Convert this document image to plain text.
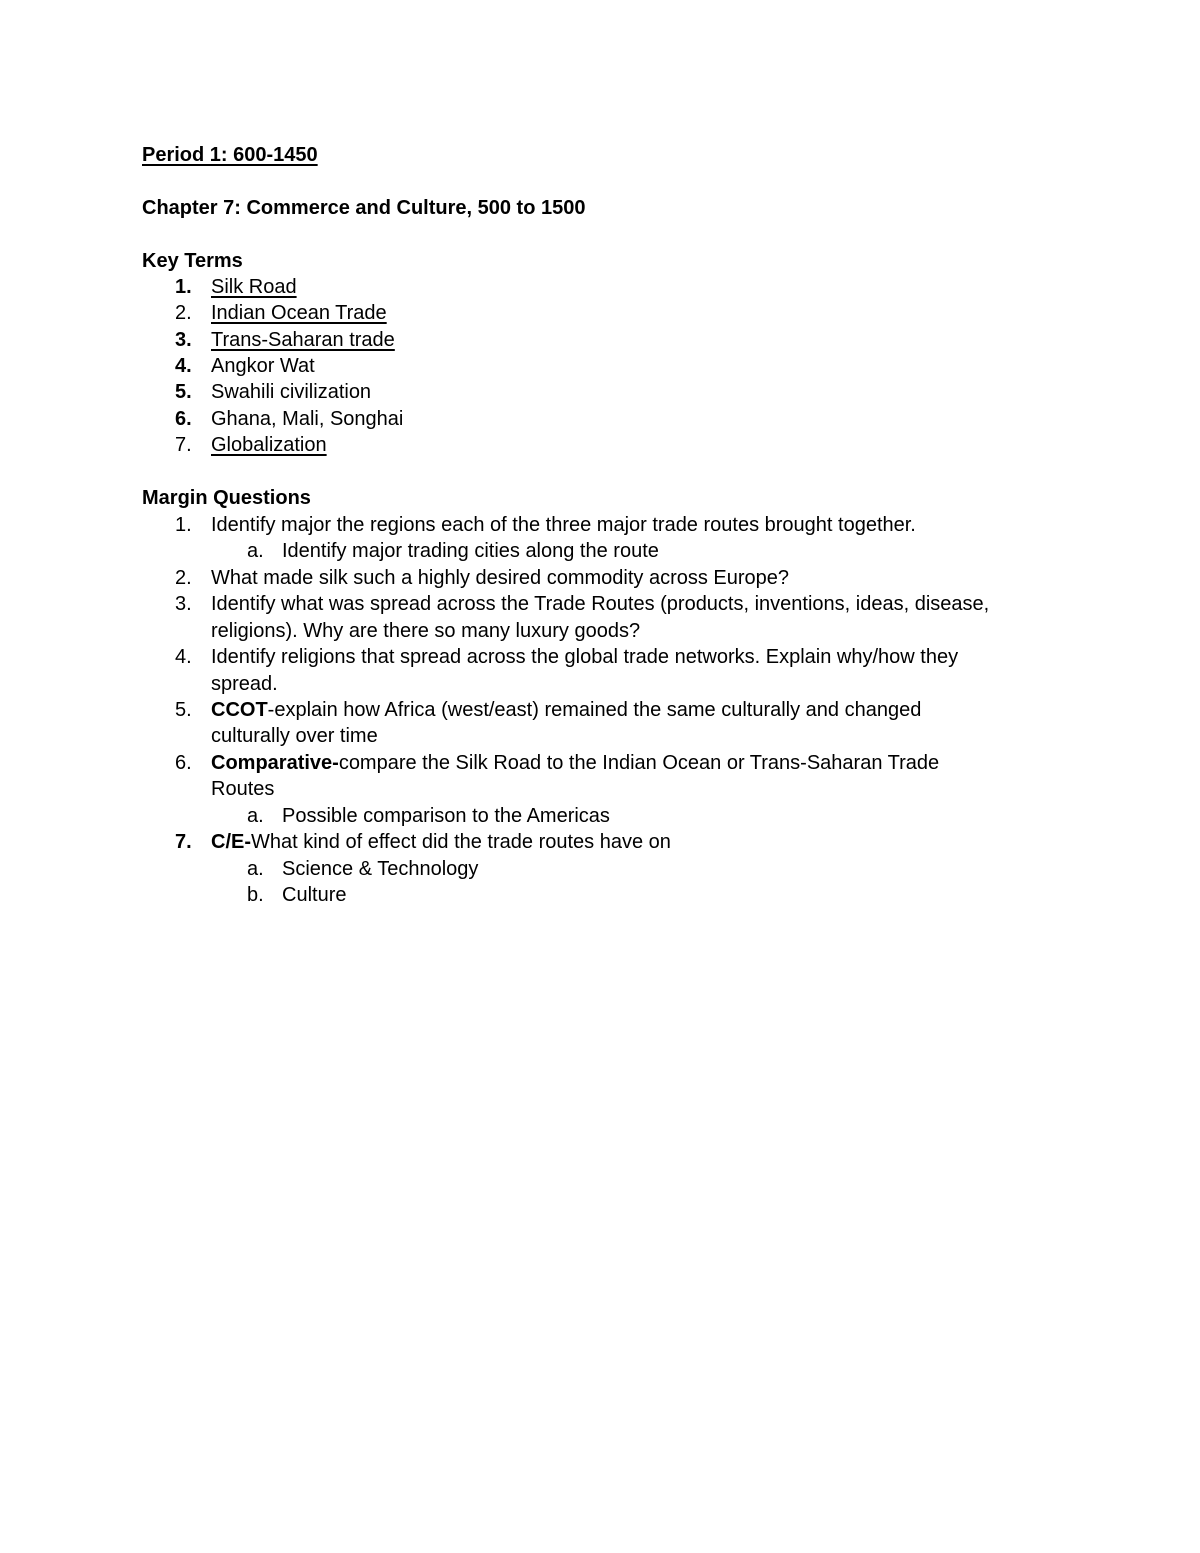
Period 1: 600-1450
Chapter 7: Commerce and Culture, 500 to 1500
Key Terms
1. Silk Road
2. Indian Ocean Trade
3. Trans-Saharan trade
4. Angkor Wat
5. Swahili civilization
6. Ghana, Mali, Songhai
7. Globalization
Margin Questions
1. Identify major the regions each of the three major trade routes brought together.
a. Identify major trading cities along the route
2. What made silk such a highly desired commodity across Europe?
3. Identify what was spread across the Trade Routes (products, inventions, ideas, disease,
religions). Why are there so many luxury goods?
4. Identify religions that spread across the global trade networks. Explain why/how they
spread.
5. CCOT-explain how Africa (west/east) remained the same culturally and changed
culturally over time
6. Comparative-compare the Silk Road to the Indian Ocean or Trans-Saharan Trade
Routes
a. Possible comparison to the Americas
7. C/E-What kind of effect did the trade routes have on
a. Science & Technology
b. Culture
